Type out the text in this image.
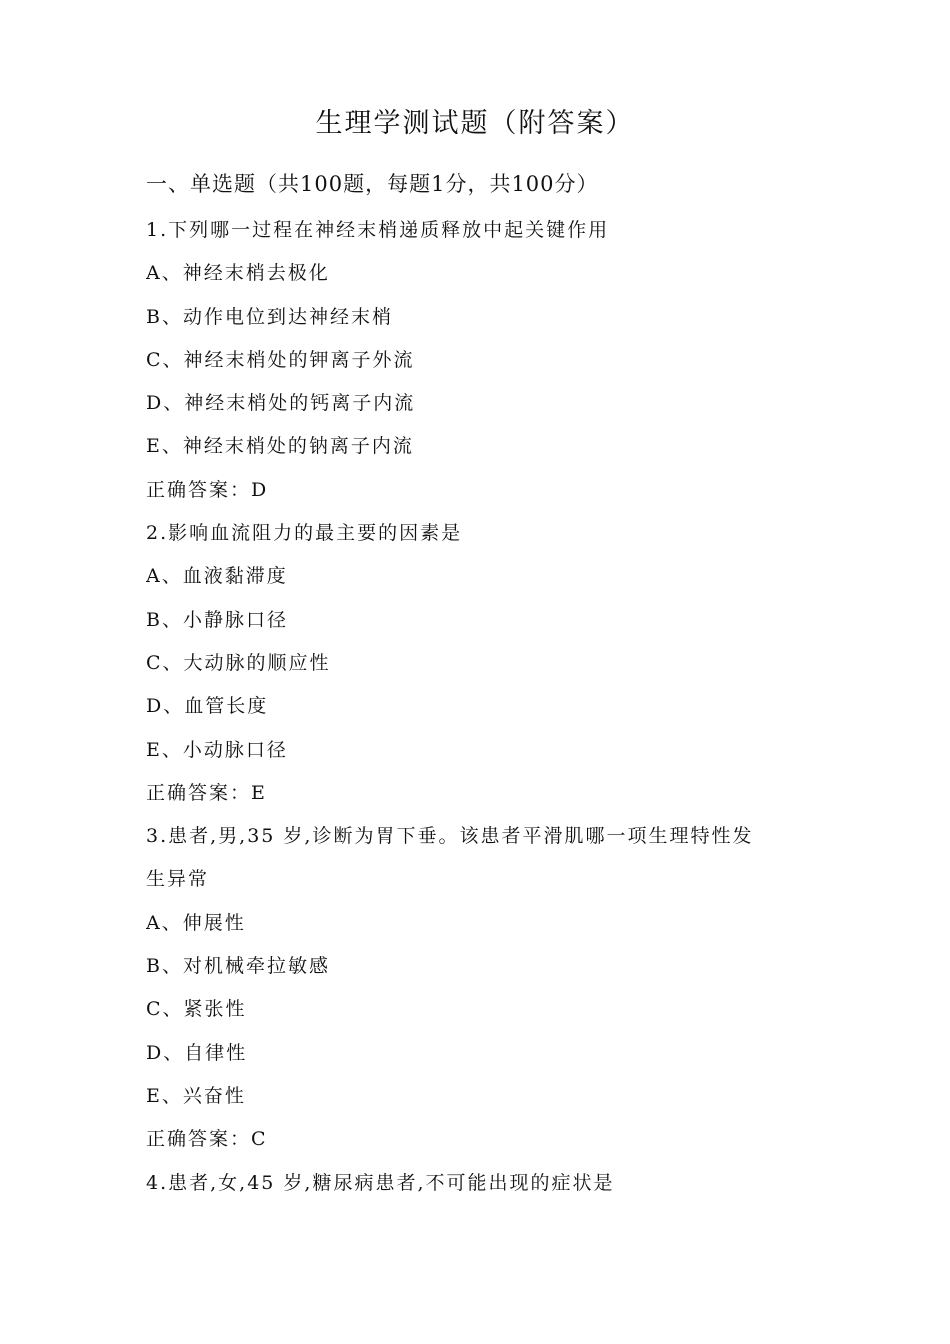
生理学测试题（附答案）
一、单选题（共100题，每题1分，共100分）
1.下列哪一过程在神经末梢递质释放中起关键作用
A、神经末梢去极化
B、动作电位到达神经末梢
C、神经末梢处的钾离子外流
D、神经末梢处的钙离子内流
E、神经末梢处的钠离子内流
正确答案：D
2.影响血流阻力的最主要的因素是
A、血液黏滞度
B、小静脉口径
C、大动脉的顺应性
D、血管长度
E、小动脉口径
正确答案：E
3.患者,男,35 岁,诊断为胃下垂。该患者平滑肌哪一项生理特性发
生异常
A、伸展性
B、对机械牵拉敏感
C、紧张性
D、自律性
E、兴奋性
正确答案：C
4.患者,女,45 岁,糖尿病患者,不可能出现的症状是
